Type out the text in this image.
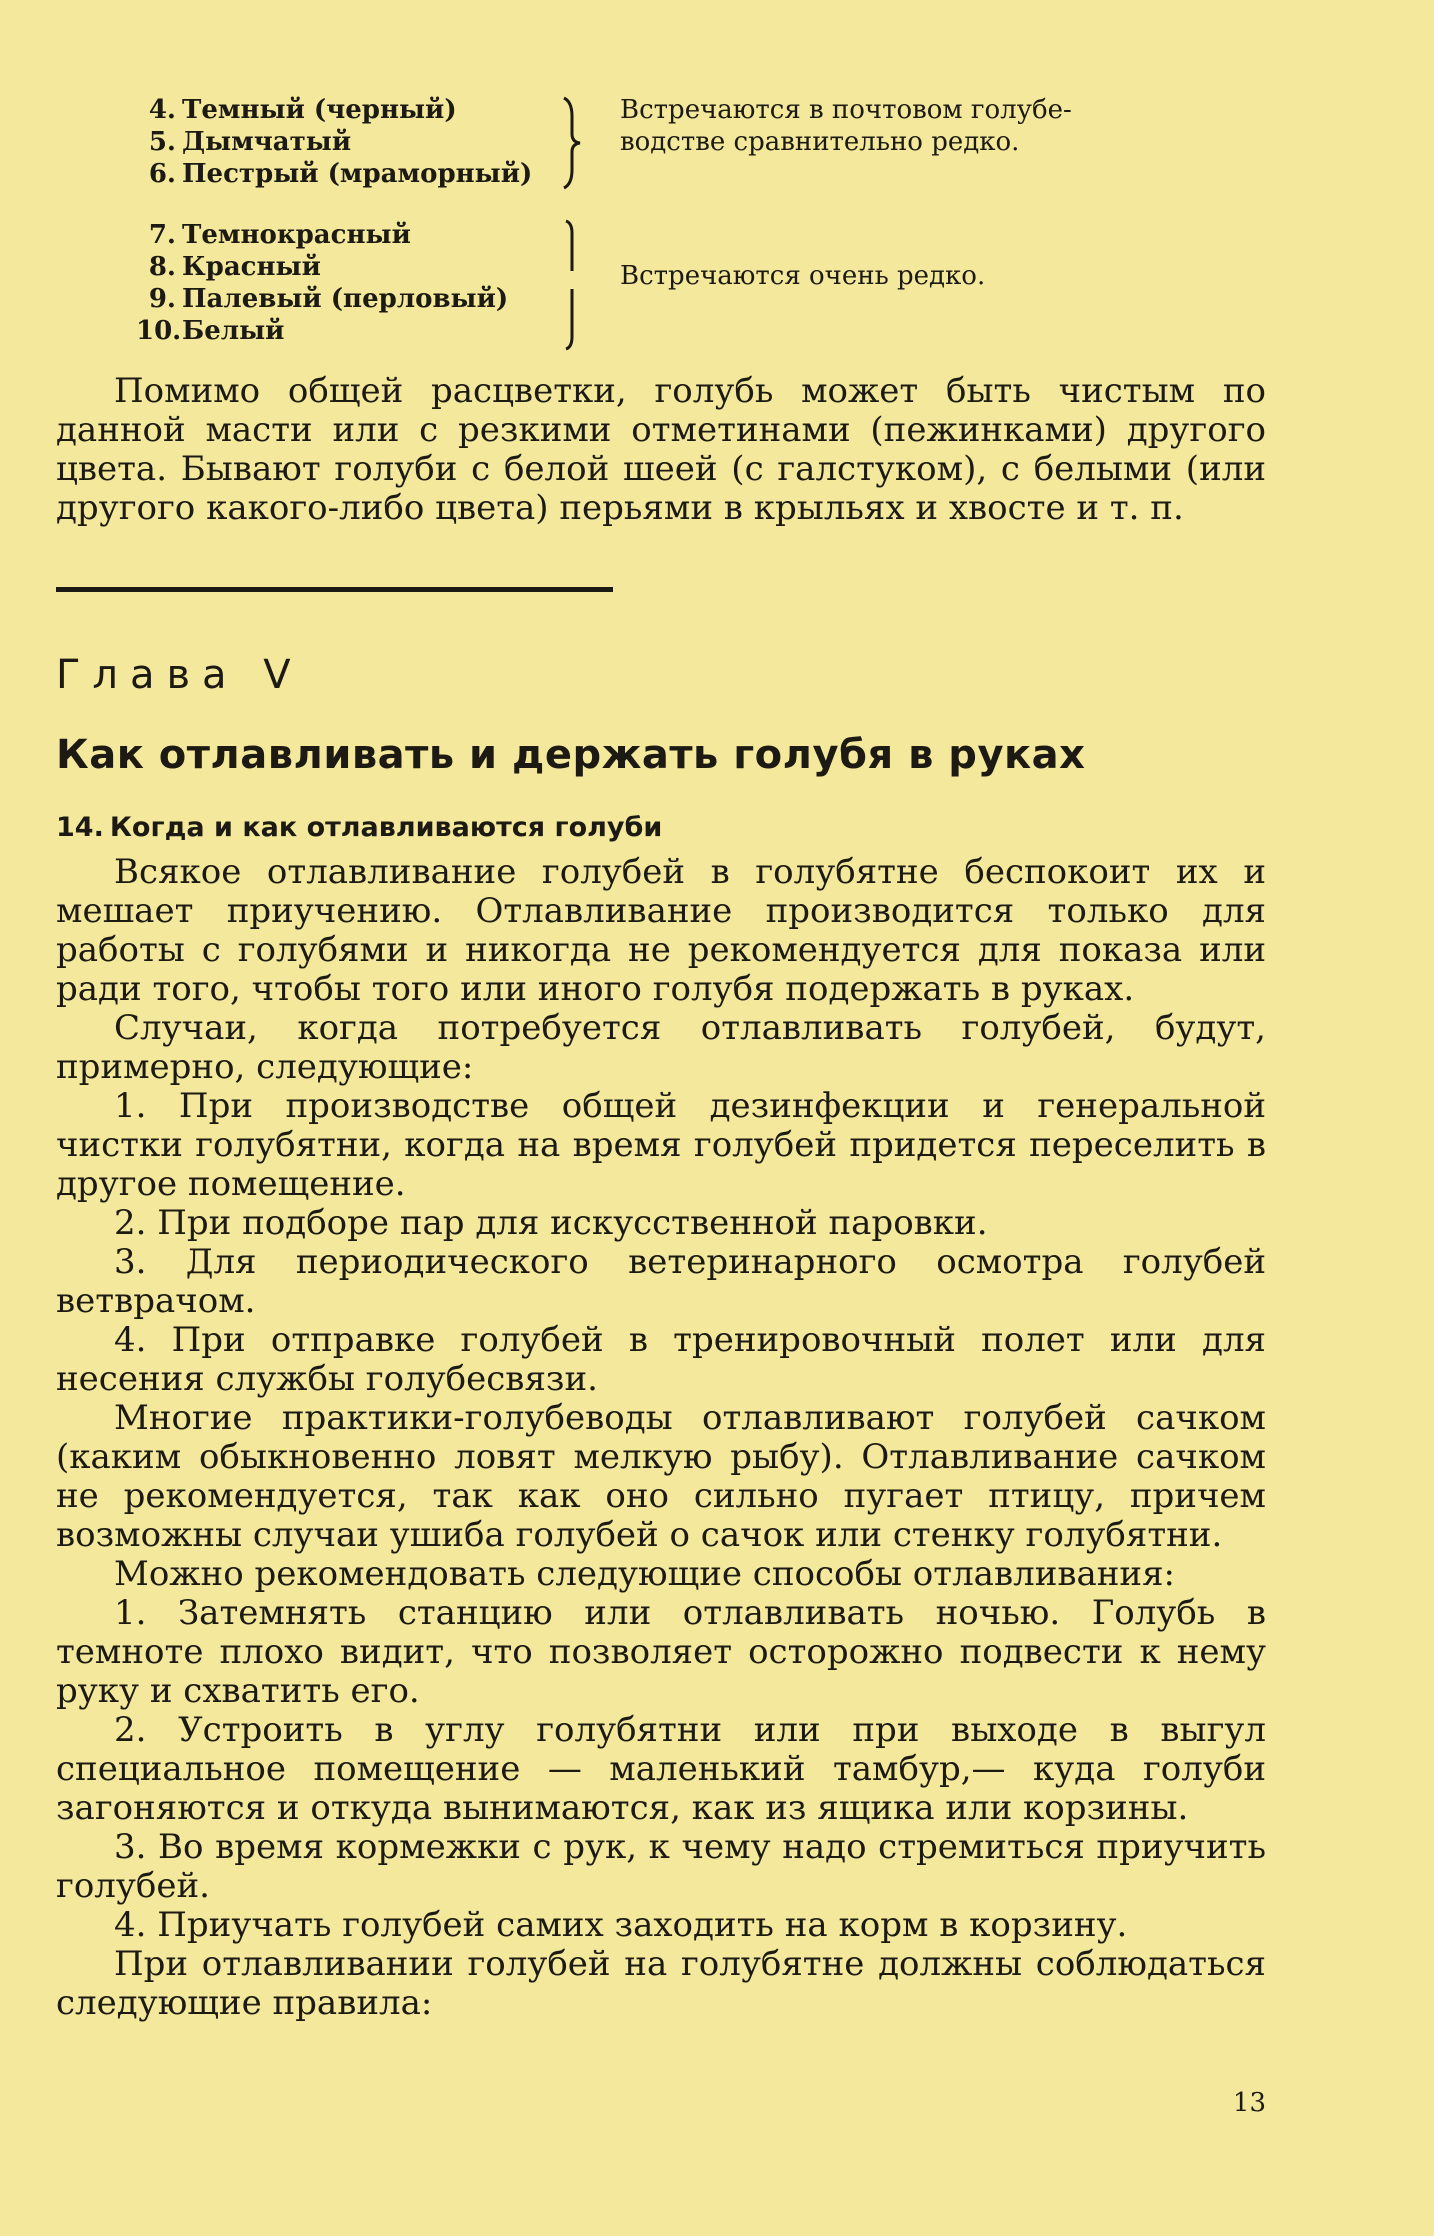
4. Темный (черный)
5. Дымчатый
6. Пестрый (мраморный)
Встречаются в почтовом голубе-
водстве сравнительно редко.
7. Темнокрасный
8. Красный
9. Палевый (перловый)
10.Белый
Встречаются очень редко.

Помимо общей расцветки, голубь может быть чистым по данной масти или с резкими отметинами (пежинками) другого цвета. Бывают голуби с белой шеей (с галстуком), с белыми (или другого какого-либо цвета) перьями в крыльях и хвосте и т. п.

Глава V
Как отлавливать и держать голубя в руках
14. Когда и как отлавливаются голуби

Всякое отлавливание голубей в голубятне беспокоит их и мешает приучению. Отлавливание производится только для работы с голубями и никогда не рекомендуется для показа или ради того, чтобы того или иного голубя подержать в руках.

Случаи, когда потребуется отлавливать голубей, будут, примерно, следующие:

1. При производстве общей дезинфекции и генеральной чистки голубятни, когда на время голубей придется переселить в другое помещение.

2. При подборе пар для искусственной паровки.

3. Для периодического ветеринарного осмотра голубей ветврачом.

4. При отправке голубей в тренировочный полет или для несения службы голубесвязи.

Многие практики-голубеводы отлавливают голубей сачком (каким обыкновенно ловят мелкую рыбу). Отлавливание сачком не рекомендуется, так как оно сильно пугает птицу, причем возможны случаи ушиба голубей о сачок или стенку голубятни.

Можно рекомендовать следующие способы отлавливания:

1. Затемнять станцию или отлавливать ночью. Голубь в темноте плохо видит, что позволяет осторожно подвести к нему руку и схватить его.

2. Устроить в углу голубятни или при выходе в выгул специальное помещение — маленький тамбур,— куда голуби загоняются и откуда вынимаются, как из ящика или корзины.

3. Во время кормежки с рук, к чему надо стремиться приучить голубей.

4. Приучать голубей самих заходить на корм в корзину.

При отлавливании голубей на голубятне должны соблюдаться следующие правила:

13
